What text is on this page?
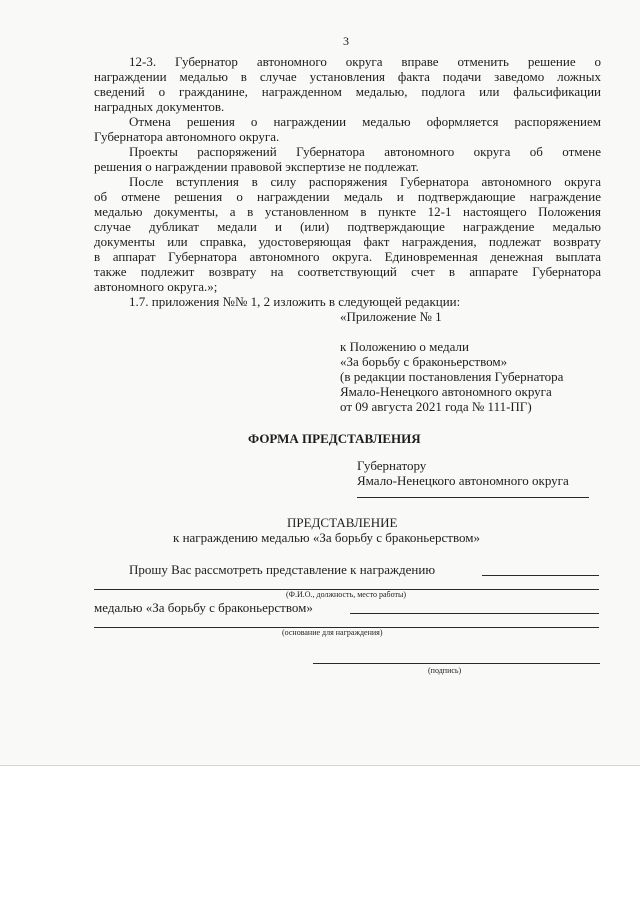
3
12-3. Губернатор автономного округа вправе отменить решение о
награждении медалью в случае установления факта подачи заведомо ложных
сведений о гражданине, награжденном медалью, подлога или фальсификации
наградных документов.
Отмена решения о награждении медалью оформляется распоряжением
Губернатора автономного округа.
Проекты распоряжений Губернатора автономного округа об отмене
решения о награждении правовой экспертизе не подлежат.
После вступления в силу распоряжения Губернатора автономного округа
об отмене решения о награждении медаль и подтверждающие награждение
медалью документы, а в установленном в пункте 12-1 настоящего Положения
случае дубликат медали и (или) подтверждающие награждение медалью
документы или справка, удостоверяющая факт награждения, подлежат возврату
в аппарат Губернатора автономного округа. Единовременная денежная выплата
также подлежит возврату на соответствующий счет в аппарате Губернатора
автономного округа.»;
1.7. приложения №№ 1, 2 изложить в следующей редакции:
«Приложение № 1
к Положению о медали
«За борьбу с браконьерством»
(в редакции постановления Губернатора
Ямало-Ненецкого автономного округа
от 09 августа 2021 года № 111-ПГ)
ФОРМА ПРЕДСТАВЛЕНИЯ
Губернатору
Ямало-Ненецкого автономного округа
ПРЕДСТАВЛЕНИЕ
к награждению медалью «За борьбу с браконьерством»
Прошу Вас рассмотреть представление к награждению
(Ф.И.О., должность, место работы)
медалью «За борьбу с браконьерством»
(основание для награждения)
(подпись)
